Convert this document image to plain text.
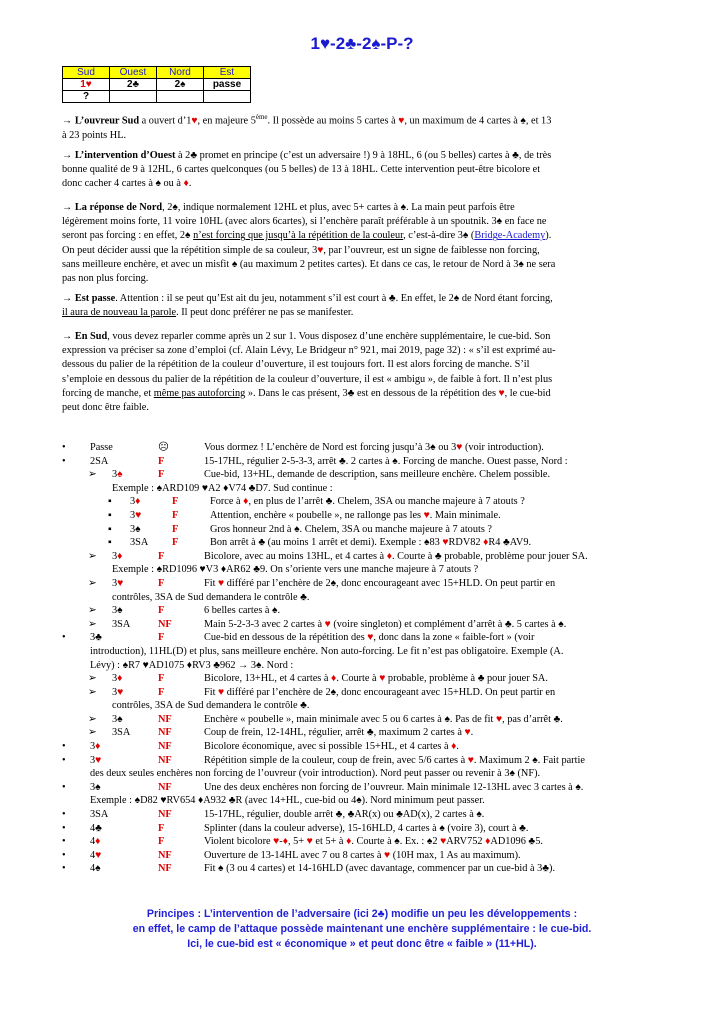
1♥-2♣-2♠-P-?
Sud	Ouest	Nord	Est
1♥	2♣	2♠	passe
?			
→ L’ouvreur Sud a ouvert d’1♥, en majeure 5ème. Il possède au moins 5 cartes à ♥, un maximum de 4 cartes à ♠, et 13
à 23 points HL.
→ L’intervention d’Ouest à 2♣ promet en principe (c’est un adversaire !) 9 à 18HL, 6 (ou 5 belles) cartes à ♣, de très
bonne qualité de 9 à 12HL, 6 cartes quelconques (ou 5 belles) de 13 à 18HL. Cette intervention peut-être bicolore et
donc cacher 4 cartes à ♠ ou à ♦.
→ La réponse de Nord, 2♠, indique normalement 12HL et plus, avec 5+ cartes à ♠. La main peut parfois être
légèrement moins forte, 11 voire 10HL (avec alors 6cartes), si l’enchère paraît préférable à un spoutnik. 3♠ en face ne
seront pas forcing : en effet, 2♠ n’est forcing que jusqu’à la répétition de la couleur, c’est-à-dire 3♠ (Bridge-Academy).
On peut décider aussi que la répétition simple de sa couleur, 3♥, par l’ouvreur, est un signe de faiblesse non forcing,
sans meilleure enchère, et avec un misfit ♠ (au maximum 2 petites cartes). Et dans ce cas, le retour de Nord à 3♠ ne sera
pas non plus forcing.
→ Est passe. Attention : il se peut qu’Est ait du jeu, notamment s’il est court à ♣. En effet, le 2♠ de Nord étant forcing,
il aura de nouveau la parole. Il peut donc préférer ne pas se manifester.
→ En Sud, vous devez reparler comme après un 2 sur 1. Vous disposez d’une enchère supplémentaire, le cue-bid. Son
expression va préciser sa zone d’emploi (cf. Alain Lévy, Le Bridgeur n° 921, mai 2019, page 32) : « s’il est exprimé au-
dessous du palier de la répétition de la couleur d’ouverture, il est toujours fort. Il est alors forcing de manche. S’il
s’emploie en dessous du palier de la répétition de la couleur d’ouverture, il est « ambigu », de faible à fort. Il n’est plus
forcing de manche, et même pas autoforcing ». Dans le cas présent, 3♣ est en dessous de la répétition des ♥, le cue-bid
peut donc être faible.
• Passe	☹	Vous dormez ! L’enchère de Nord est forcing jusqu’à 3♠ ou 3♥ (voir introduction).
• 2SA	F	15-17HL, régulier 2-5-3-3, arrêt ♣. 2 cartes à ♠. Forcing de manche. Ouest passe, Nord :
➢ 3♠	F	Cue-bid, 13+HL, demande de description, sans meilleure enchère. Chelem possible.
Exemple : ♠ARD109 ♥A2 ♦V74 ♣D7. Sud continue :
▪ 3♦	F	Force à ♦, en plus de l’arrêt ♣. Chelem, 3SA ou manche majeure à 7 atouts ?
▪ 3♥	F	Attention, enchère « poubelle », ne rallonge pas les ♥. Main minimale.
▪ 3♠	F	Gros honneur 2nd à ♠. Chelem, 3SA ou manche majeure à 7 atouts ?
▪ 3SA F	Bon arrêt à ♣ (au moins 1 arrêt et demi). Exemple : ♠83 ♥RDV82 ♦R4 ♣AV9.
➢ 3♦	F	Bicolore, avec au moins 13HL, et 4 cartes à ♦. Courte à ♣ probable, problème pour jouer SA.
Exemple : ♠RD1096 ♥V3 ♦AR62 ♣9. On s’oriente vers une manche majeure à 7 atouts ?
➢ 3♥	F	Fit ♥ différé par l’enchère de 2♠, donc encourageant avec 15+HLD. On peut partir en
contrôles, 3SA de Sud demandera le contrôle ♣.
➢ 3♠	F	6 belles cartes à ♠.
➢ 3SA	NF	Main 5-2-3-3 avec 2 cartes à ♥ (voire singleton) et complément d’arrêt à ♣. 5 cartes à ♠.
• 3♣	F	Cue-bid en dessous de la répétition des ♥, donc dans la zone « faible-fort » (voir
introduction), 11HL(D) et plus, sans meilleure enchère. Non auto-forcing. Le fit n’est pas obligatoire. Exemple (A.
Lévy) : ♠R7 ♥AD1075 ♦RV3 ♣962 → 3♠. Nord :
➢ 3♦	F	Bicolore, 13+HL, et 4 cartes à ♦. Courte à ♥ probable, problème à ♣ pour jouer SA.
➢ 3♥	F	Fit ♥ différé par l’enchère de 2♠, donc encourageant avec 15+HLD. On peut partir en
contrôles, 3SA de Sud demandera le contrôle ♣.
➢ 3♠	NF	Enchère « poubelle », main minimale avec 5 ou 6 cartes à ♠. Pas de fit ♥, pas d’arrêt ♣.
➢ 3SA	NF	Coup de frein, 12-14HL, régulier, arrêt ♣, maximum 2 cartes à ♥.
• 3♦	NF	Bicolore économique, avec si possible 15+HL, et 4 cartes à ♦.
• 3♥	NF	Répétition simple de la couleur, coup de frein, avec 5/6 cartes à ♥. Maximum 2 ♠. Fait partie
des deux seules enchères non forcing de l’ouvreur (voir introduction). Nord peut passer ou revenir à 3♠ (NF).
• 3♠	NF	Une des deux enchères non forcing de l’ouvreur. Main minimale 12-13HL avec 3 cartes à ♠.
Exemple : ♠D82 ♥RV654 ♦A932 ♣R (avec 14+HL, cue-bid ou 4♠). Nord minimum peut passer.
• 3SA	NF	15-17HL, régulier, double arrêt ♣, ♣AR(x) ou ♣AD(x), 2 cartes à ♠.
• 4♣	F	Splinter (dans la couleur adverse), 15-16HLD, 4 cartes à ♠ (voire 3), court à ♣.
• 4♦	F	Violent bicolore ♥-♦, 5+ ♥ et 5+ à ♦. Courte à ♠. Ex. : ♠2 ♥ARV752 ♦AD1096 ♣5.
• 4♥	NF	Ouverture de 13-14HL avec 7 ou 8 cartes à ♥ (10H max, 1 As au maximum).
• 4♠	NF	Fit ♠ (3 ou 4 cartes) et 14-16HLD (avec davantage, commencer par un cue-bid à 3♣).
Principes : L’intervention de l’adversaire (ici 2♣) modifie un peu les développements :
en effet, le camp de l’attaque possède maintenant une enchère supplémentaire : le cue-bid.
Ici, le cue-bid est « économique » et peut donc être « faible » (11+HL).
